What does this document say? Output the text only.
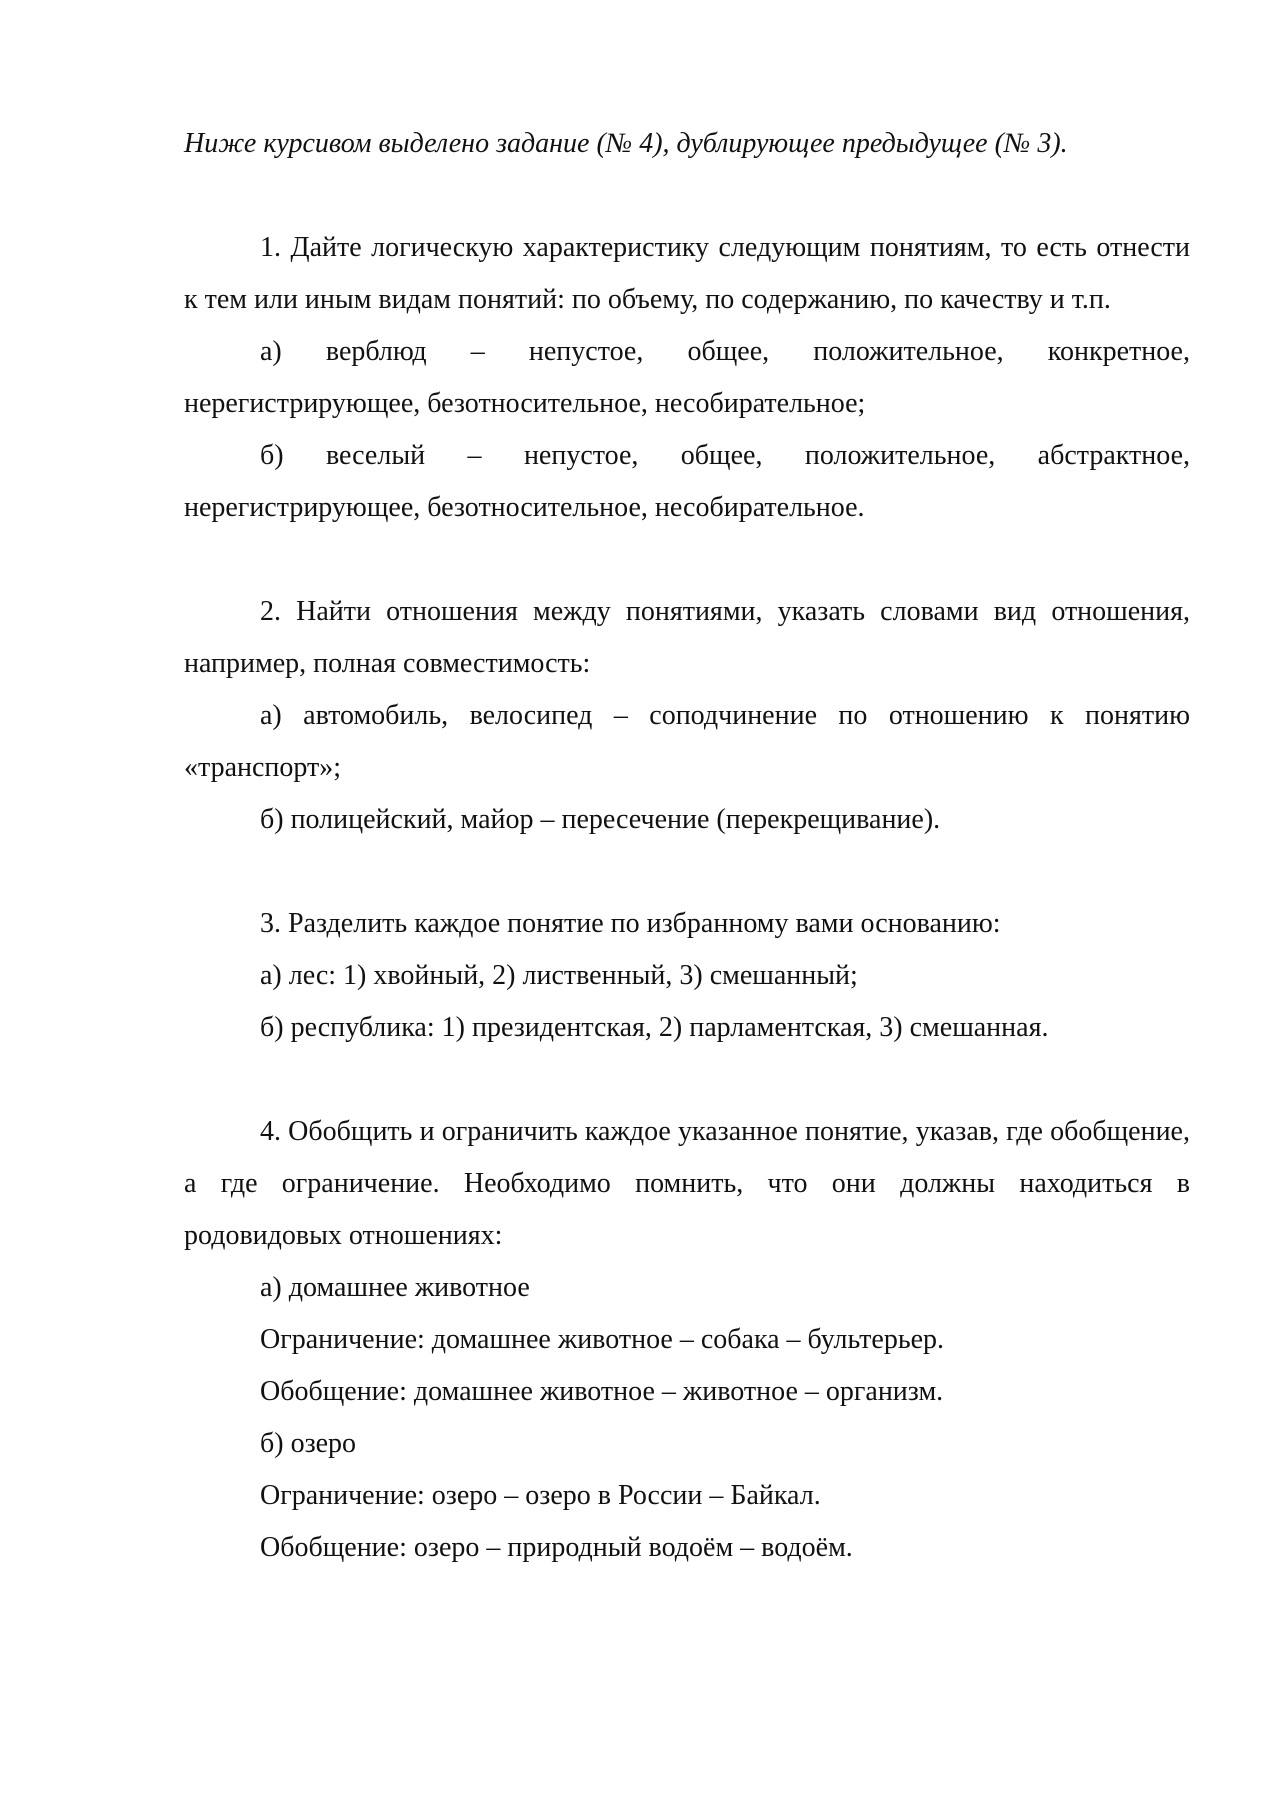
Ниже курсивом выделено задание (№ 4), дублирующее предыдущее (№ 3).

1. Дайте логическую характеристику следующим понятиям, то есть отнести к тем или иным видам понятий: по объему, по содержанию, по качеству и т.п.

а) верблюд – непустое, общее, положительное, конкретное, нерегистрирующее, безотносительное, несобирательное;

б) веселый – непустое, общее, положительное, абстрактное, нерегистрирующее, безотносительное, несобирательное.

2. Найти отношения между понятиями, указать словами вид отношения, например, полная совместимость:

а) автомобиль, велосипед – соподчинение по отношению к понятию «транспорт»;

б) полицейский, майор – пересечение (перекрещивание).

3. Разделить каждое понятие по избранному вами основанию:

а) лес: 1) хвойный, 2) лиственный, 3) смешанный;

б) республика: 1) президентская, 2) парламентская, 3) смешанная.

4. Обобщить и ограничить каждое указанное понятие, указав, где обобщение, а где ограничение. Необходимо помнить, что они должны находиться в родовидовых отношениях:

а) домашнее животное

Ограничение: домашнее животное – собака – бультерьер.

Обобщение: домашнее животное – животное – организм.

б) озеро

Ограничение: озеро – озеро в России – Байкал.

Обобщение: озеро – природный водоём – водоём.
